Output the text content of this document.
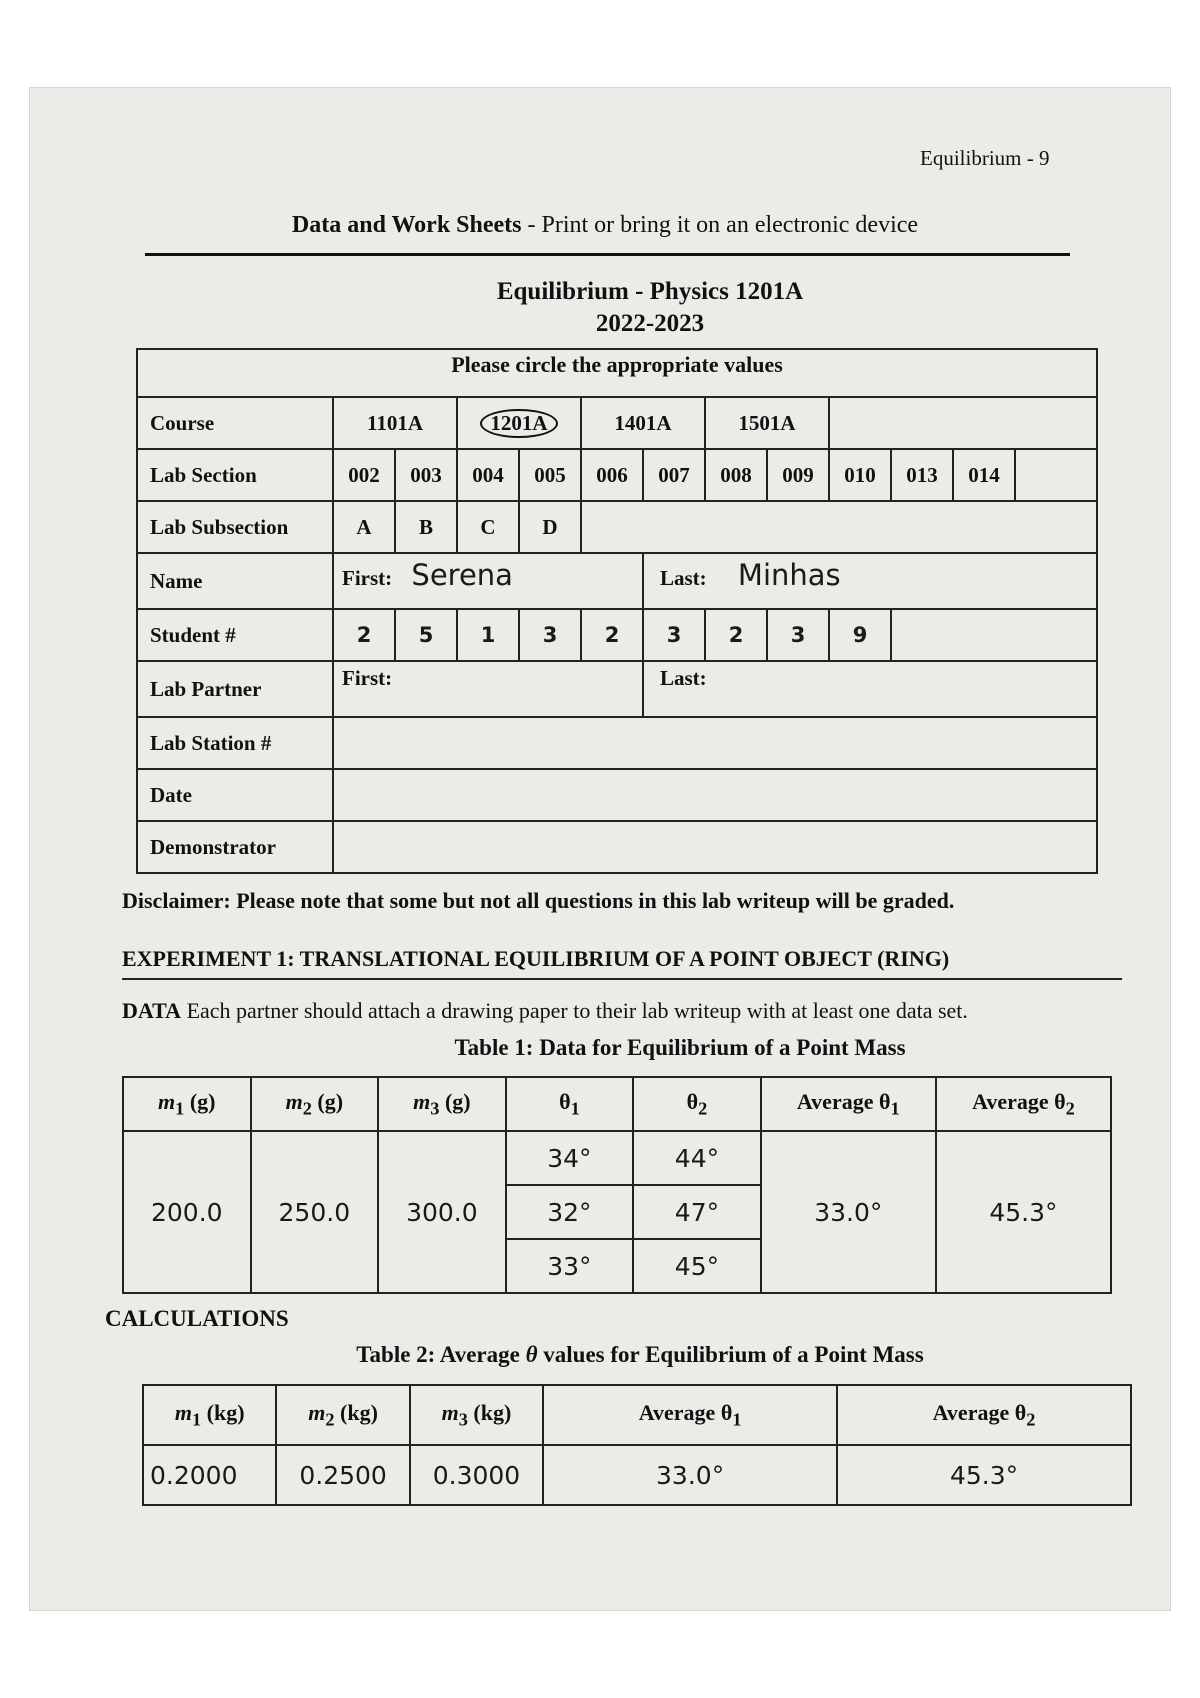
Equilibrium - 9
Data and Work Sheets - Print or bring it on an electronic device
Equilibrium - Physics 1201A
2022-2023
Please circle the appropriate values												
Course	1101A		1201A		1401A		1501A					
Lab Section	002	003	004	005	006	007	008	009	010	013	014	
Lab Subsection	A	B	C	D								
Name	First: Serena					Last: Minhas						
Student #	2	5	1	3	2	3	2	3	9			
Lab Partner	First:					Last:						
Lab Station #												
Date												
Demonstrator												
Disclaimer: Please note that some but not all questions in this lab writeup will be graded.
EXPERIMENT 1: TRANSLATIONAL EQUILIBRIUM OF A POINT OBJECT (RING)
DATA Each partner should attach a drawing paper to their lab writeup with at least one data set.
Table 1: Data for Equilibrium of a Point Mass
$m_1$ (g)	$m_2$ (g)	$m_3$ (g)	$\theta_1$	$\theta_2$	Average $\theta_1$	Average $\theta_2$
200.0	250.0	300.0	34°	44°	33.0°	45.3°
			32°	47°		
			33°	45°		
CALCULATIONS
Table 2: Average θ values for Equilibrium of a Point Mass
$m_1$ (kg)	$m_2$ (kg)	$m_3$ (kg)	Average $\theta_1$	Average $\theta_2$
0.2000	0.2500	0.3000	33.0°	45.3°
